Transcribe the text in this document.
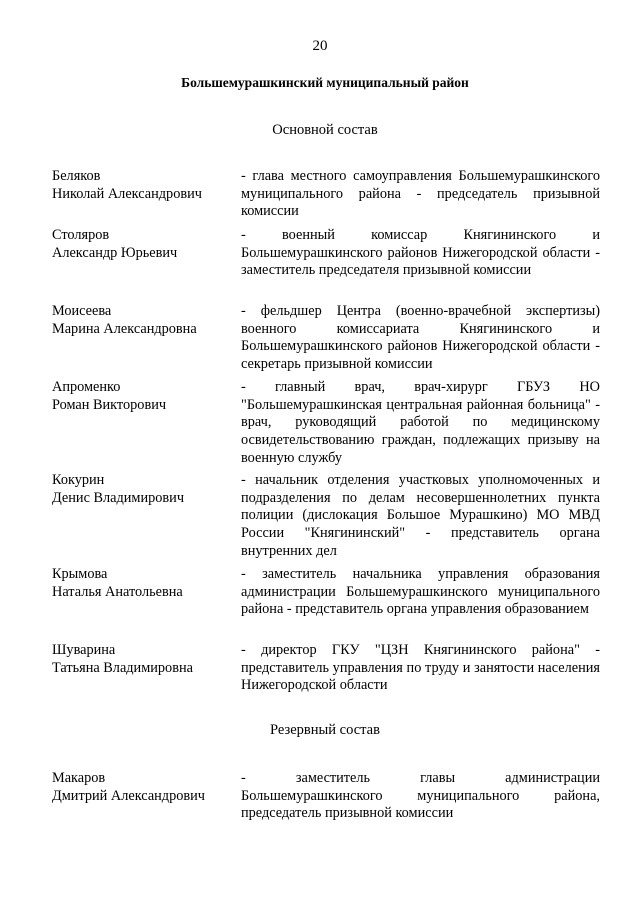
20
Большемурашкинский муниципальный район
Основной состав
Беляков
Николай Александрович
- глава местного самоуправления Большемурашкинского муниципального района - председатель призывной комиссии
Столяров
Александр Юрьевич
- военный комиссар Княгининского и Большемурашкинского районов Нижегородской области - заместитель председателя призывной комиссии
Моисеева
Марина Александровна
- фельдшер Центра (военно-врачебной экспертизы) военного комиссариата Княгининского и Большемурашкинского районов Нижегородской области - секретарь призывной комиссии
Апроменко
Роман Викторович
- главный врач, врач-хирург ГБУЗ НО "Большемурашкинская центральная районная больница" - врач, руководящий работой по медицинскому освидетельствованию граждан, подлежащих призыву на военную службу
Кокурин
Денис Владимирович
- начальник отделения участковых уполномоченных и подразделения по делам несовершеннолетних пункта полиции (дислокация Большое Мурашкино) МО МВД России "Княгининский" - представитель органа внутренних дел
Крымова
Наталья Анатольевна
- заместитель начальника управления образования администрации Большемурашкинского муниципального района - представитель органа управления образованием
Шуварина
Татьяна Владимировна
- директор ГКУ "ЦЗН Княгининского района" - представитель управления по труду и занятости населения Нижегородской области
Резервный состав
Макаров
Дмитрий Александрович
- заместитель главы администрации Большемурашкинского муниципального района, председатель призывной комиссии
